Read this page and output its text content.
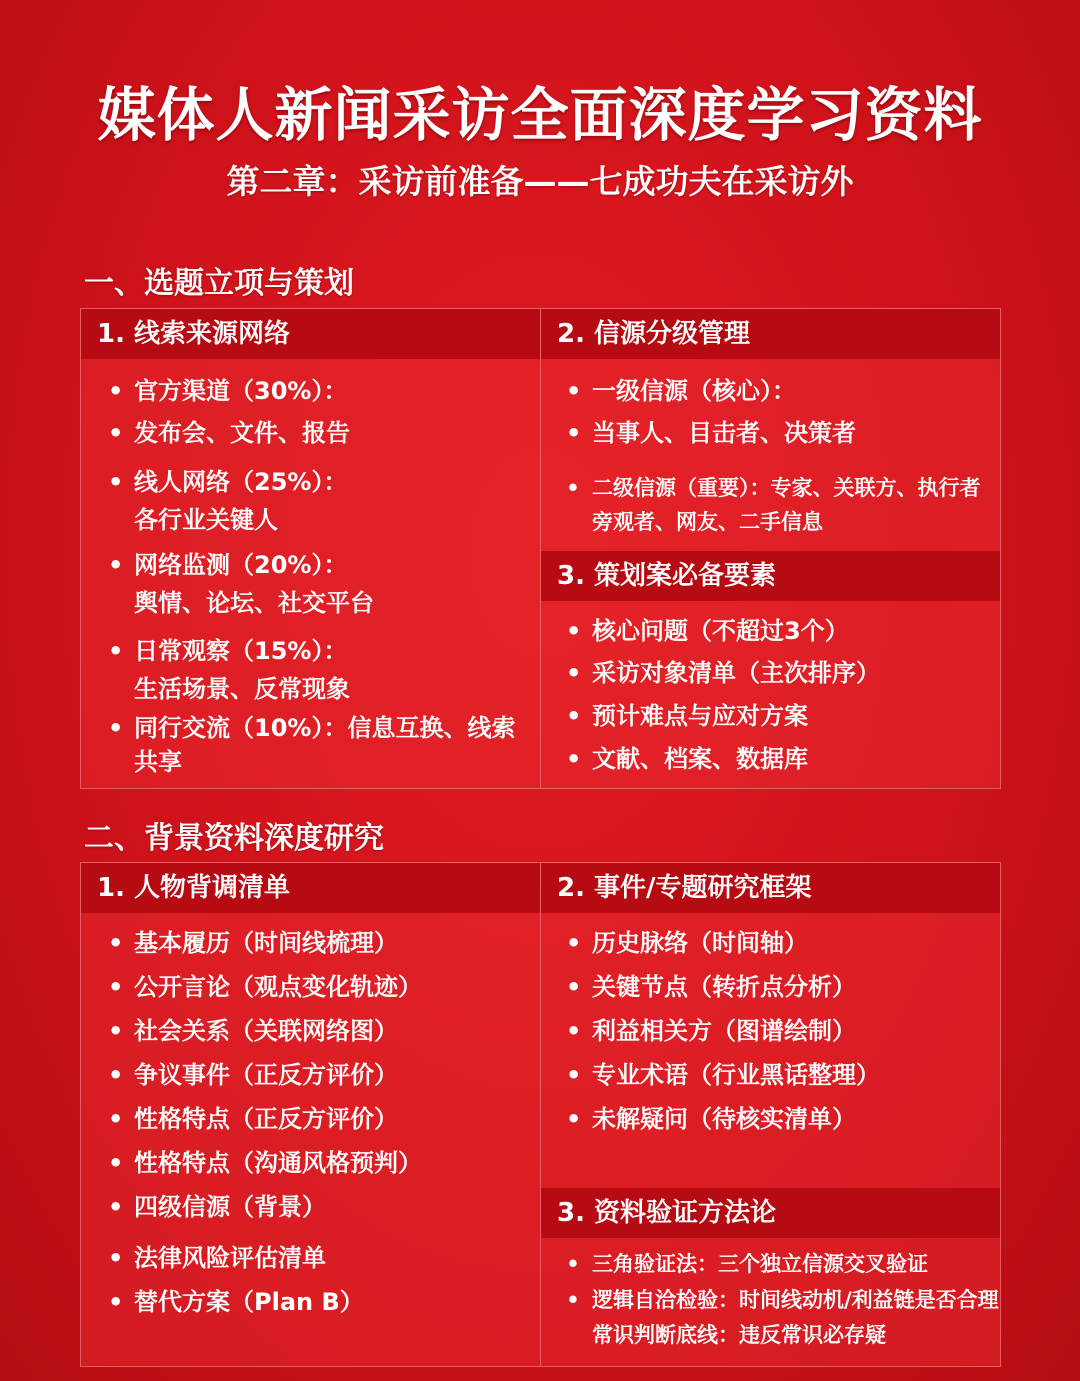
媒体人新闻采访全面深度学习资料
第二章：采访前准备——七成功夫在采访外
一、选题立项与策划
1. 线索来源网络
• 官方渠道（30%）：
• 发布会、文件、报告
• 线人网络（25%）：
各行业关键人
• 网络监测（20%）：
舆情、论坛、社交平台
• 日常观察（15%）：
生活场景、反常现象
• 同行交流（10%）：信息互换、线索
共享
2. 信源分级管理
• 一级信源（核心）：
• 当事人、目击者、决策者
• 二级信源（重要）：专家、关联方、执行者
旁观者、网友、二手信息
3. 策划案必备要素
• 核心问题（不超过3个）
• 采访对象清单（主次排序）
• 预计难点与应对方案
• 文献、档案、数据库
二、背景资料深度研究
1. 人物背调清单
• 基本履历（时间线梳理）
• 公开言论（观点变化轨迹）
• 社会关系（关联网络图）
• 争议事件（正反方评价）
• 性格特点（正反方评价）
• 性格特点（沟通风格预判）
• 四级信源（背景）
• 法律风险评估清单
• 替代方案（Plan B）
2. 事件/专题研究框架
• 历史脉络（时间轴）
• 关键节点（转折点分析）
• 利益相关方（图谱绘制）
• 专业术语（行业黑话整理）
• 未解疑问（待核实清单）
3. 资料验证方法论
• 三角验证法：三个独立信源交叉验证
• 逻辑自洽检验：时间线动机/利益链是否合理
常识判断底线：违反常识必存疑
